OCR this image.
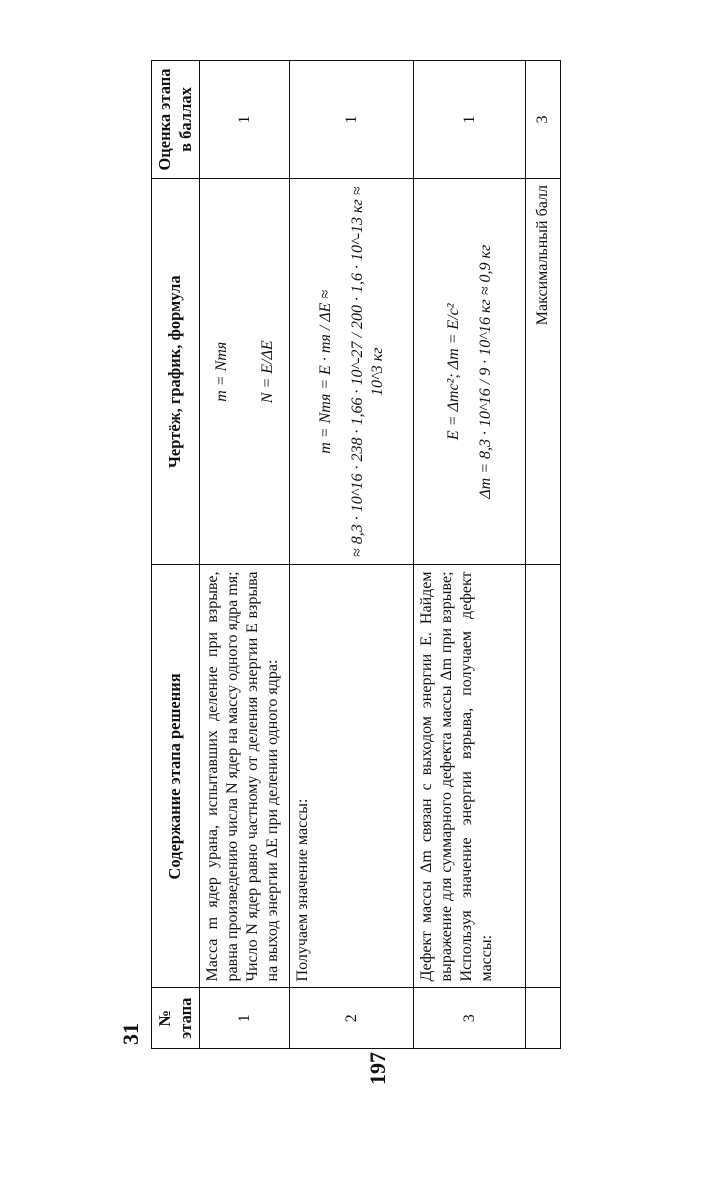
31
197
№ этапа	Содержание этапа решения	Чертёж, график, формула	Оценка этапа в баллах
1	Масса m ядер урана, испытавших деление при взрыве, равна произведению числа N ядер на массу одного ядра mя; Число N ядер равно частному от деления энергии E взрыва на выход энергии ΔE при делении одного ядра:	m = Nmя N = E/ΔE	1
2	Получаем значение массы:	m = Nmя = E · mя / ΔE ≈ ≈ 8,3 · 10^16 · 238 · 1,66 · 10^-27 / 200 · 1,6 · 10^-13 кг ≈ 10^3 кг	1
3	Дефект массы Δm связан с выходом энергии E. Найдем выражение для суммарного дефекта массы Δm при взрыве; Используя значение энергии взрыва, получаем дефект массы:	E = Δmc²; Δm = E/c² Δm = 8,3 · 10^16 / 9 · 10^16 кг ≈ 0,9 кг	1
		Максимальный балл	3
